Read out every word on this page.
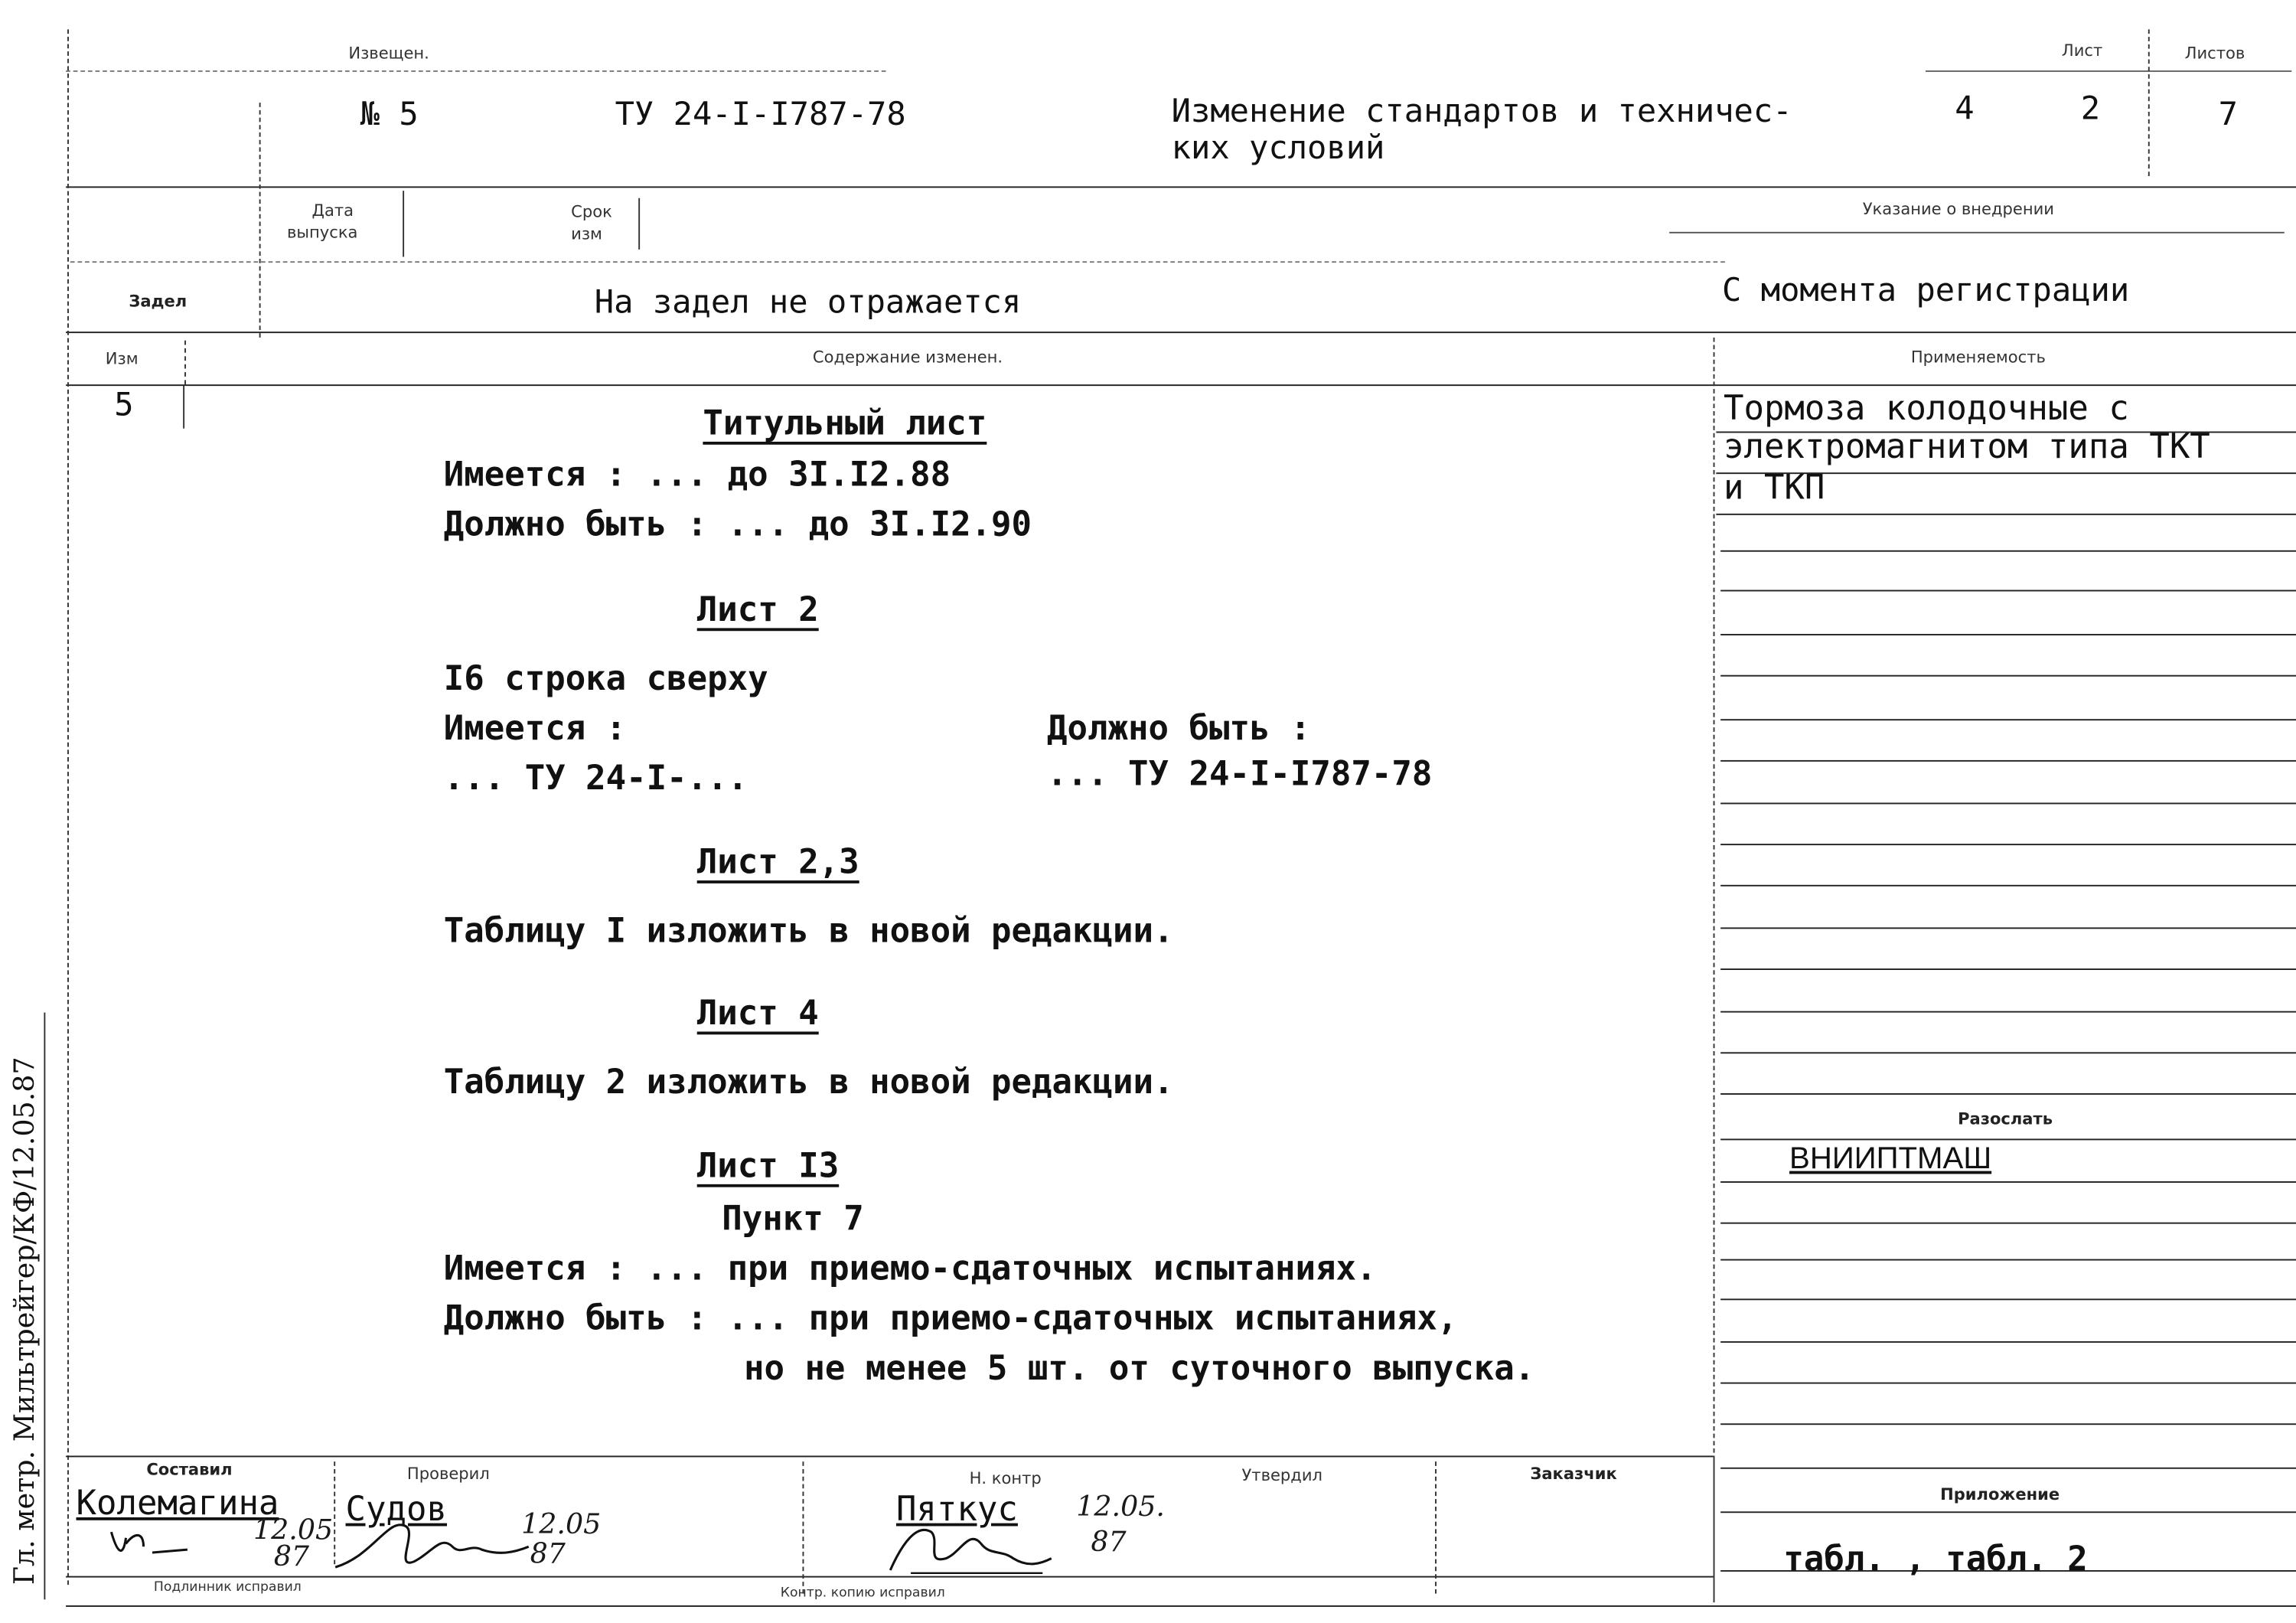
Извещен.
№ 5	ТУ 24-I-I787-78	Изменение стандартов и техничес-
ких условий
Лист	Листов
4	2	7
Дата
выпуска
Срок
изм
Указание о внедрении
Задел	На задел не отражается	С момента регистрации
Изм	Содержание изменен.	Применяемость
5	Титульный лист
Имеется : ... до 3I.I2.88
Должно быть : ... до 3I.I2.90
Лист 2
I6 строка сверху
Имеется :	Должно быть :
... ТУ 24-I-...	... ТУ 24-I-I787-78
Лист 2,3
Таблицу I изложить в новой редакции.
Лист 4
Таблицу 2 изложить в новой редакции.
Лист I3
Пункт 7
Имеется : ... при приемо-сдаточных испытаниях.
Должно быть : ... при приемо-сдаточных испытаниях,
но не менее 5 шт. от суточного выпуска.
Тормоза колодочные с
электромагнитом типа ТКТ
и ТКП
Разослать
ВНИИПТМАШ
Приложение
табл. , табл. 2
Составил	Проверил	Н. контр	Утвердил	Заказчик
Колемагина	Судов	Пяткус
12.05
87
12.05
87
12.05.
87
Подлинник исправил	Контр. копию исправил
Гл. метр. Мильтрейгер/КФ/12.05.87
